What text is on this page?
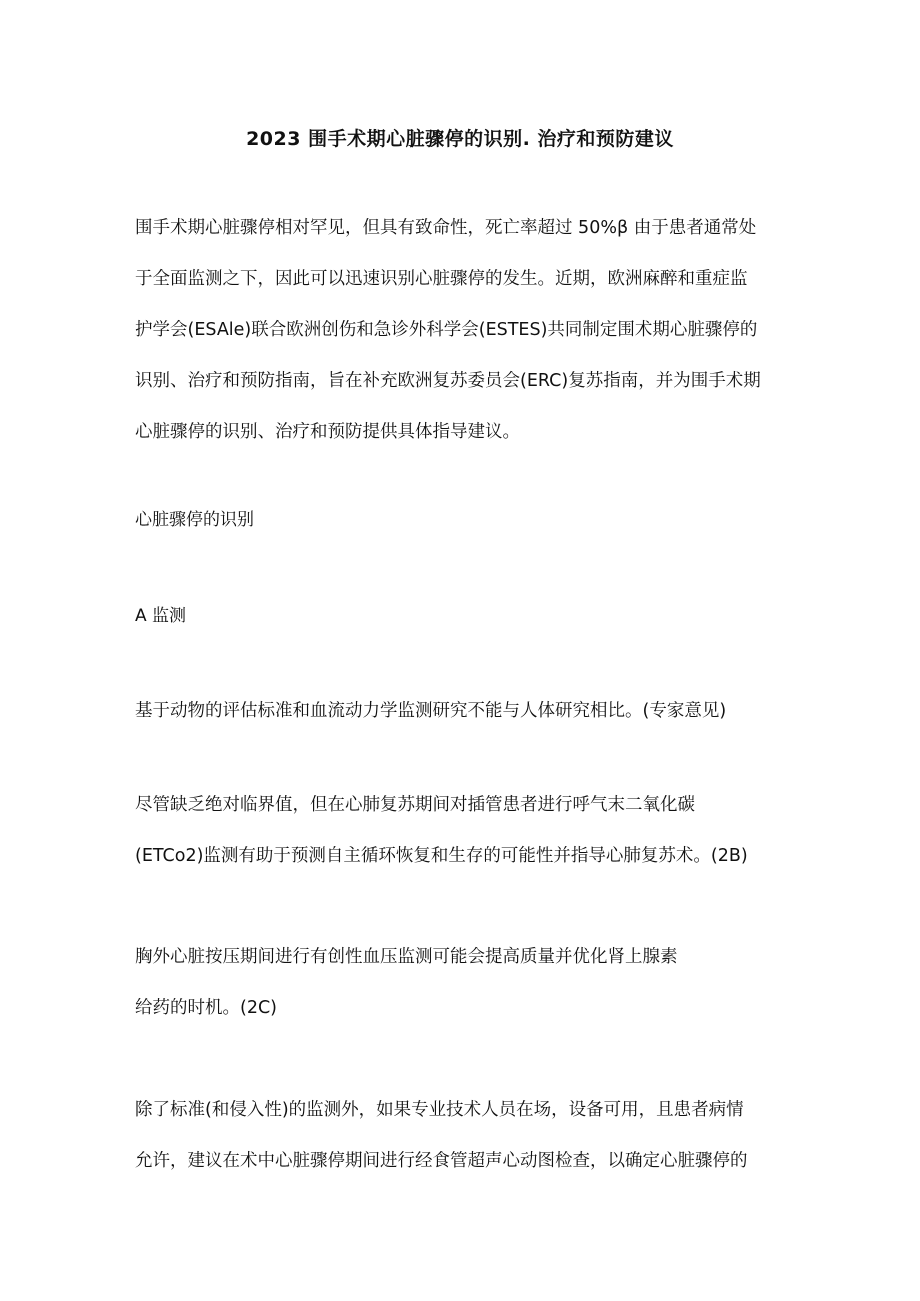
2023 围手术期心脏骤停的识别. 治疗和预防建议

围手术期心脏骤停相对罕见，但具有致命性，死亡率超过 50%β 由于患者通常处
于全面监测之下，因此可以迅速识别心脏骤停的发生。近期，欧洲麻醉和重症监
护学会(ESAle)联合欧洲创伤和急诊外科学会(ESTES)共同制定围术期心脏骤停的
识别、治疗和预防指南，旨在补充欧洲复苏委员会(ERC)复苏指南，并为围手术期
心脏骤停的识别、治疗和预防提供具体指导建议。

心脏骤停的识别
A 监测

基于动物的评估标准和血流动力学监测研究不能与人体研究相比。(专家意见)

尽管缺乏绝对临界值，但在心肺复苏期间对插管患者进行呼气末二氧化碳
(ETCo2)监测有助于预测自主循环恢复和生存的可能性并指导心肺复苏术。(2B)

胸外心脏按压期间进行有创性血压监测可能会提高质量并优化肾上腺素
给药的时机。(2C)

除了标准(和侵入性)的监测外，如果专业技术人员在场，设备可用，且患者病情
允许，建议在术中心脏骤停期间进行经食管超声心动图检查，以确定心脏骤停的
